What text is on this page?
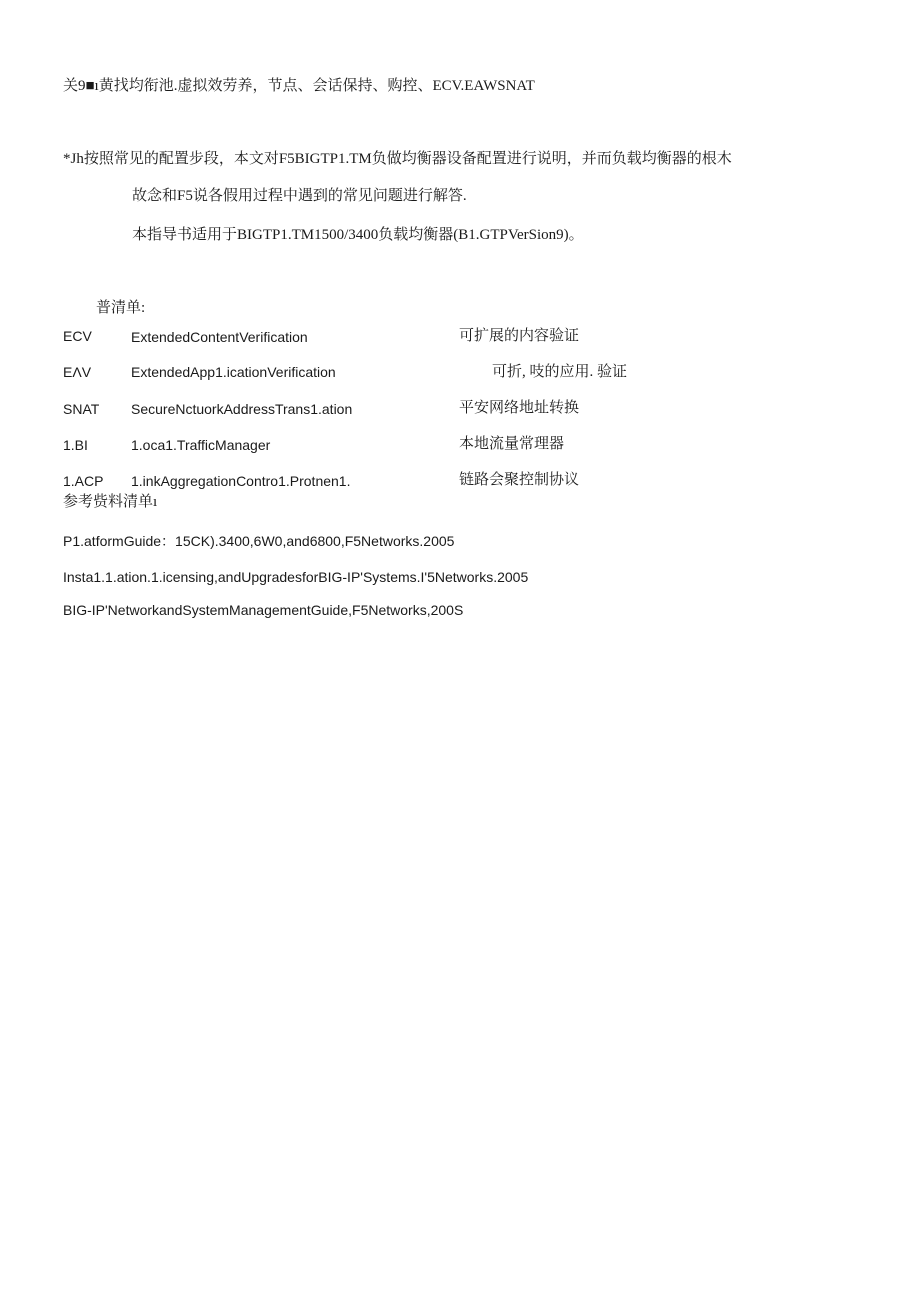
关9■ı黄找均衔池.虚拟效劳养，节点、会话保持、购控、ECV.EAWSNAT
*Jh按照常见的配置步段，本文对F5BIGTP1.TM负做均衡器设备配置进行说明，并而负载均衡器的根木
故念和F5说各假用过程中遇到的常见问题进行解答.
本指导书适用于BIGTP1.TM1500/3400负载均衡器(B1.GTPVerSion9)。
普清单:
ECV	ExtendedContentVerification	可扩展的内容验证
EΛV	ExtendedApp1.icationVerification	可折, 吱的应用. 验证
SNAT SecureNctuorkAddressTrans1.ation	平安网络地址转换
1.BI	1.oca1.TrafficManager	本地流量常理器
1.ACP 1.inkAggregationContro1.Protnen1.	链路会聚控制协议
参考赀料清单ı
P1.atformGuide：15CK).3400,6W0,and6800,F5Networks.2005
Insta1.1.ation.1.icensing,andUpgradesforBIG-IP'Systems.I'5Networks.2005
BIG-IP'NetworkandSystemManagementGuide,F5Networks,200S
